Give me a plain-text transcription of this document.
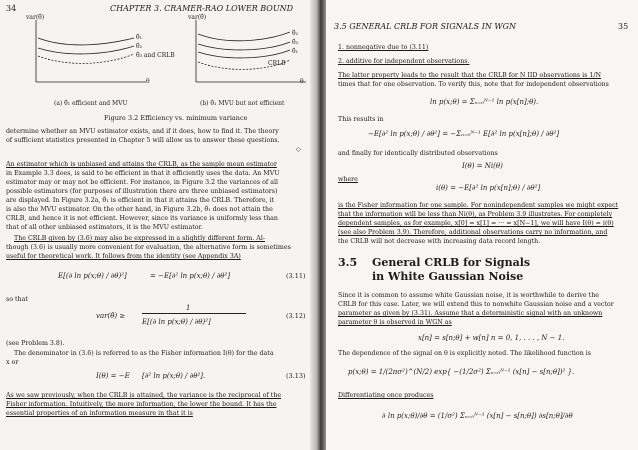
34	CHAPTER 3. CRAMER-RAO LOWER BOUND
var(θ̂)
θ̂₁
θ̂₂
θ̂₃ and CRLB
θ
(a) θ̂₁ efficient and MVU
var(θ̂)
θ̂₂
θ̂₃
θ̂₁
CRLB
θ
(b) θ̂₁ MVU but not efficient
Figure 3.2 Efficiency vs. minimum variance
determine whether an MVU estimator exists, and if it does, how to find it. The theory
of sufficient statistics presented in Chapter 5 will allow us to answer these questions.
◇
An estimator which is unbiased and attains the CRLB, as the sample mean estimator
in Example 3.3 does, is said to be efficient in that it efficiently uses the data. An MVU
estimator may or may not be efficient. For instance, in Figure 3.2 the variances of all
possible estimators (for purposes of illustration there are three unbiased estimators)
are displayed. In Figure 3.2a, θ̂₁ is efficient in that it attains the CRLB. Therefore, it
is also the MVU estimator. On the other hand, in Figure 3.2b, θ̂₁ does not attain the
CRLB, and hence it is not efficient. However, since its variance is uniformly less than
that of all other unbiased estimators, it is the MVU estimator.
The CRLB given by (3.6) may also be expressed in a slightly different form. Al-
though (3.6) is usually more convenient for evaluation, the alternative form is sometimes
useful for theoretical work. It follows from the identity (see Appendix 3A)
E[(∂ ln p(x;θ) / ∂θ)²]	= −E[∂² ln p(x;θ) / ∂θ²]	(3.11)
so that
var(θ̂) ≥
1
E[(∂ ln p(x;θ) / ∂θ)²]
(3.12)
(see Problem 3.8).
The denominator in (3.6) is referred to as the Fisher information I(θ) for the data
x or
I(θ) = −E [∂² ln p(x;θ) / ∂θ²].	(3.13)
As we saw previously, when the CRLB is attained, the variance is the reciprocal of the
Fisher information. Intuitively, the more information, the lower the bound. It has the
essential properties of an information measure in that it is
3.5 GENERAL CRLB FOR SIGNALS IN WGN	35
1. nonnegative due to (3.11)
2. additive for independent observations.
The latter property leads to the result that the CRLB for N IID observations is 1/N
times that for one observation. To verify this, note that for independent observations
ln p(x;θ) = Σₙ₌₀ᴺ⁻¹ ln p(x[n];θ).
This results in
−E[∂² ln p(x;θ) / ∂θ²] = −Σₙ₌₀ᴺ⁻¹ E[∂² ln p(x[n];θ) / ∂θ²]
and finally for identically distributed observations
I(θ) = Ni(θ)
where
i(θ) = −E[∂² ln p(x[n];θ) / ∂θ²]
is the Fisher information for one sample. For nonindependent samples we might expect
that the information will be less than Ni(θ), as Problem 3.9 illustrates. For completely
dependent samples, as for example, x[0] = x[1] = ··· = x[N−1], we will have I(θ) = i(θ)
(see also Problem 3.9). Therefore, additional observations carry no information, and
the CRLB will not decrease with increasing data record length.
3.5 General CRLB for Signals
in White Gaussian Noise
Since it is common to assume white Gaussian noise, it is worthwhile to derive the
CRLB for this case. Later, we will extend this to nonwhite Gaussian noise and a vector
parameter as given by (3.31). Assume that a deterministic signal with an unknown
parameter θ is observed in WGN as
x[n] = s[n;θ] + w[n] n = 0, 1, . . . , N − 1.
The dependence of the signal on θ is explicitly noted. The likelihood function is
p(x;θ) = 1/(2πσ²)^(N/2) exp{ −(1/2σ²) Σₙ₌₀ᴺ⁻¹ (x[n] − s[n;θ])² }.
Differentiating once produces
∂ ln p(x;θ)/∂θ = (1/σ²) Σₙ₌₀ᴺ⁻¹ (x[n] − s[n;θ]) ∂s[n;θ]/∂θ
